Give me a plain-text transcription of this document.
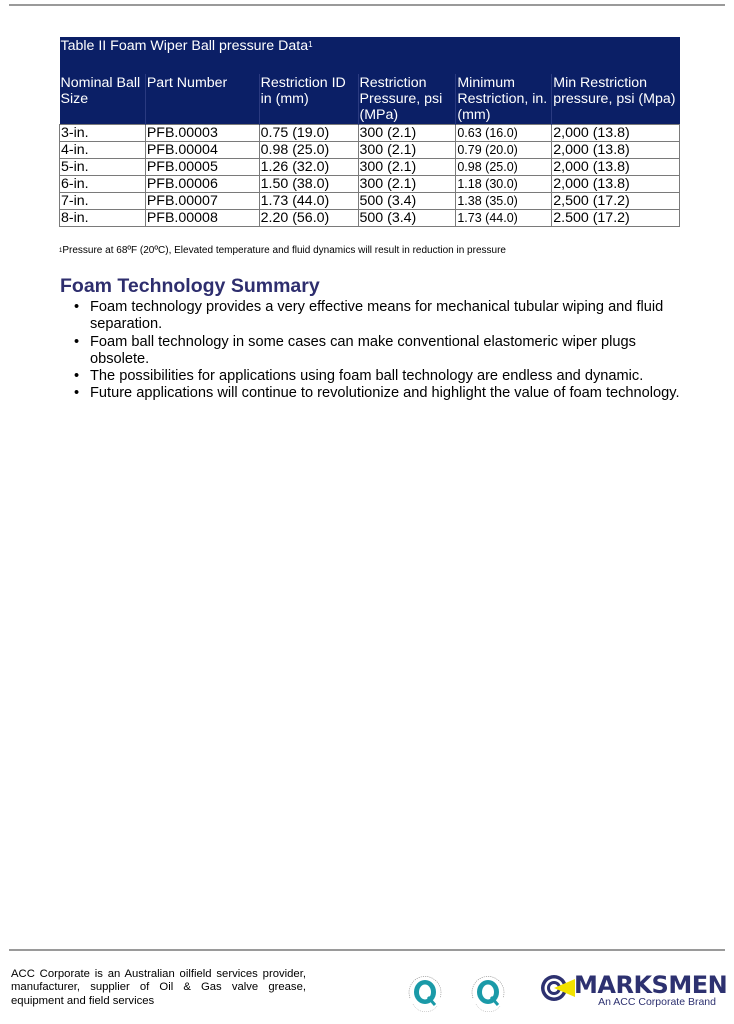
Table II Foam Wiper Ball pressure Data$^1$
Nominal Ball Size	Part Number	Restriction ID in (mm)	Restriction Pressure, psi (MPa)	Minimum Restriction, in. (mm)	Min Restriction pressure, psi (Mpa)
3-in.	PFB.00003	0.75 (19.0)	300 (2.1)	0.63 (16.0)	2,000 (13.8)
4-in.	PFB.00004	0.98 (25.0)	300 (2.1)	0.79 (20.0)	2,000 (13.8)
5-in.	PFB.00005	1.26 (32.0)	300 (2.1)	0.98 (25.0)	2,000 (13.8)
6-in.	PFB.00006	1.50 (38.0)	300 (2.1)	1.18 (30.0)	2,000 (13.8)
7-in.	PFB.00007	1.73 (44.0)	500 (3.4)	1.38 (35.0)	2,500 (17.2)
8-in.	PFB.00008	2.20 (56.0)	500 (3.4)	1.73 (44.0)	2.500 (17.2)
$^1$Pressure at 68ºF (20ºC), Elevated temperature and fluid dynamics will result in reduction in pressure
Foam Technology Summary
• Foam technology provides a very effective means for mechanical tubular wiping and fluid separation.
• Foam ball technology in some cases can make conventional elastomeric wiper plugs obsolete.
• The possibilities for applications using foam ball technology are endless and dynamic.
• Future applications will continue to revolutionize and highlight the value of foam technology.
ACC Corporate is an Australian oilfield services provider, manufacturer, supplier of Oil & Gas valve grease, equipment and field services
MARKSMEN
An ACC Corporate Brand
